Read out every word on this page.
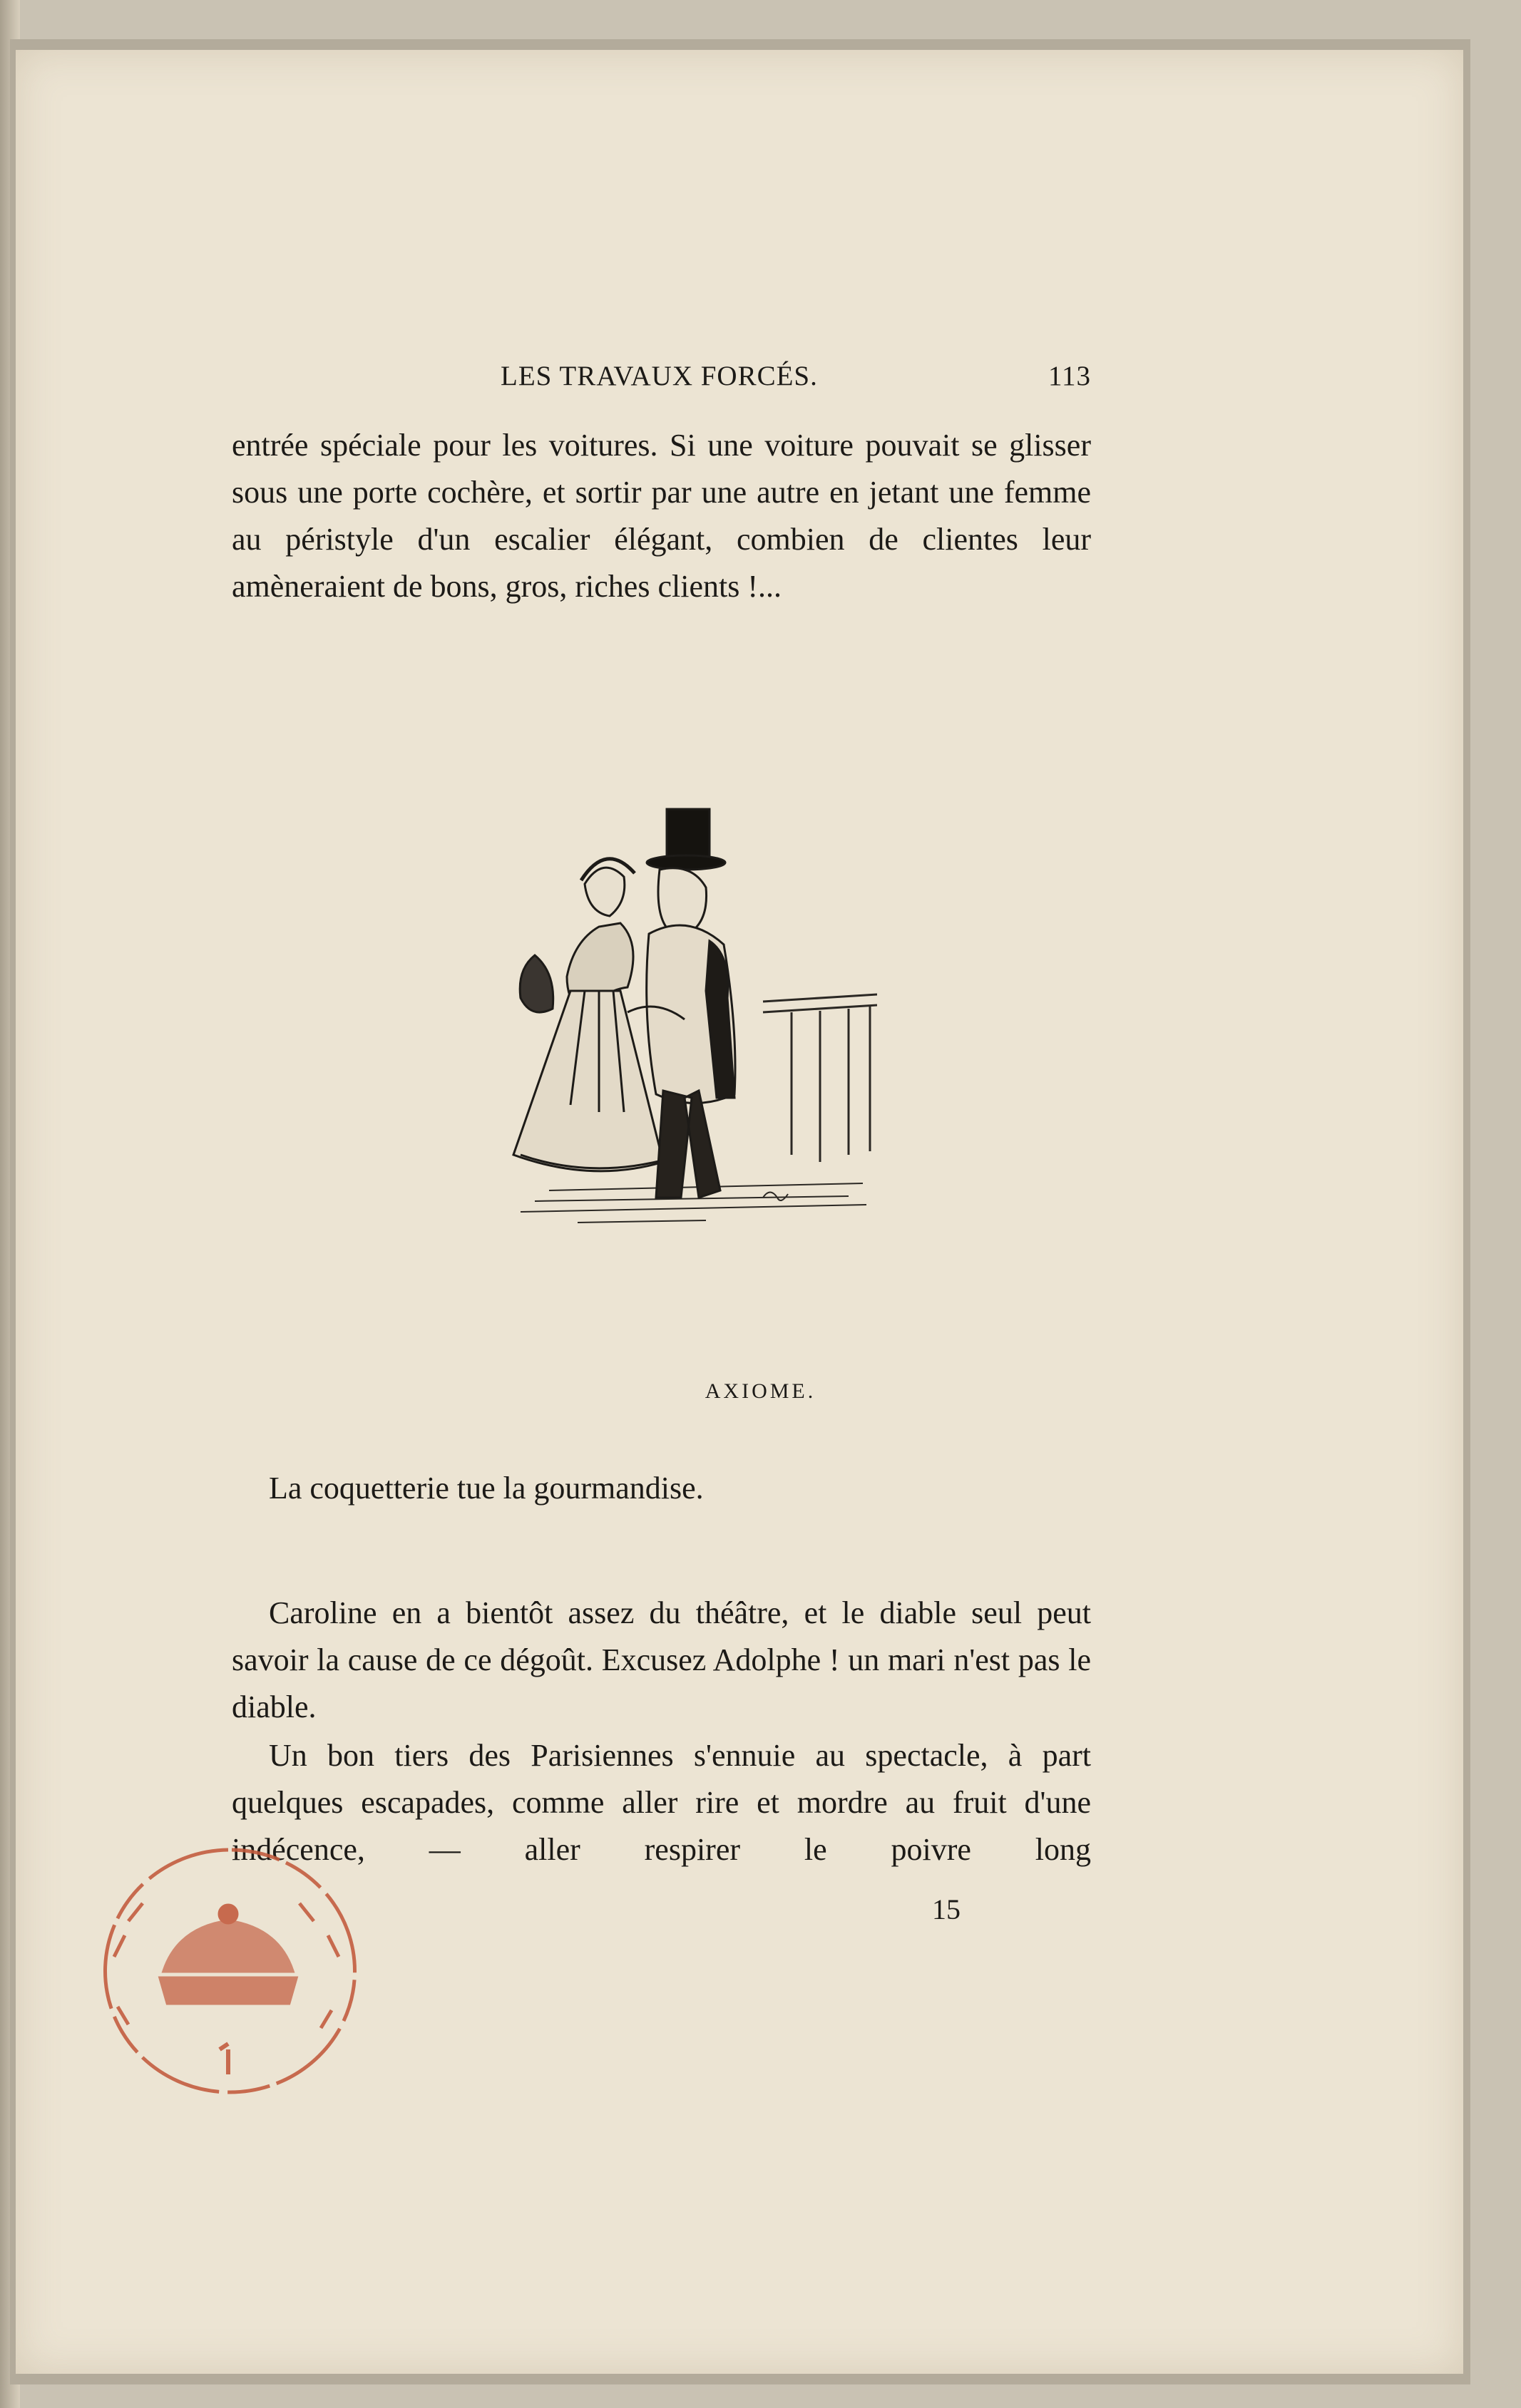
LES TRAVAUX FORCÉS.	113
entrée spéciale pour les voitures. Si une voiture pouvait se glisser sous une porte cochère, et sortir par une autre en jetant une femme au péristyle d'un escalier élégant, combien de clientes leur amèneraient de bons, gros, riches clients !...
AXIOME.
La coquetterie tue la gourmandise.
Caroline en a bientôt assez du théâtre, et le diable seul peut savoir la cause de ce dégoût. Excusez Adolphe ! un mari n'est pas le diable.
Un bon tiers des Parisiennes s'ennuie au spectacle, à part quelques escapades, comme aller rire et mordre au fruit d'une indécence, — aller respirer le poivre long
15
